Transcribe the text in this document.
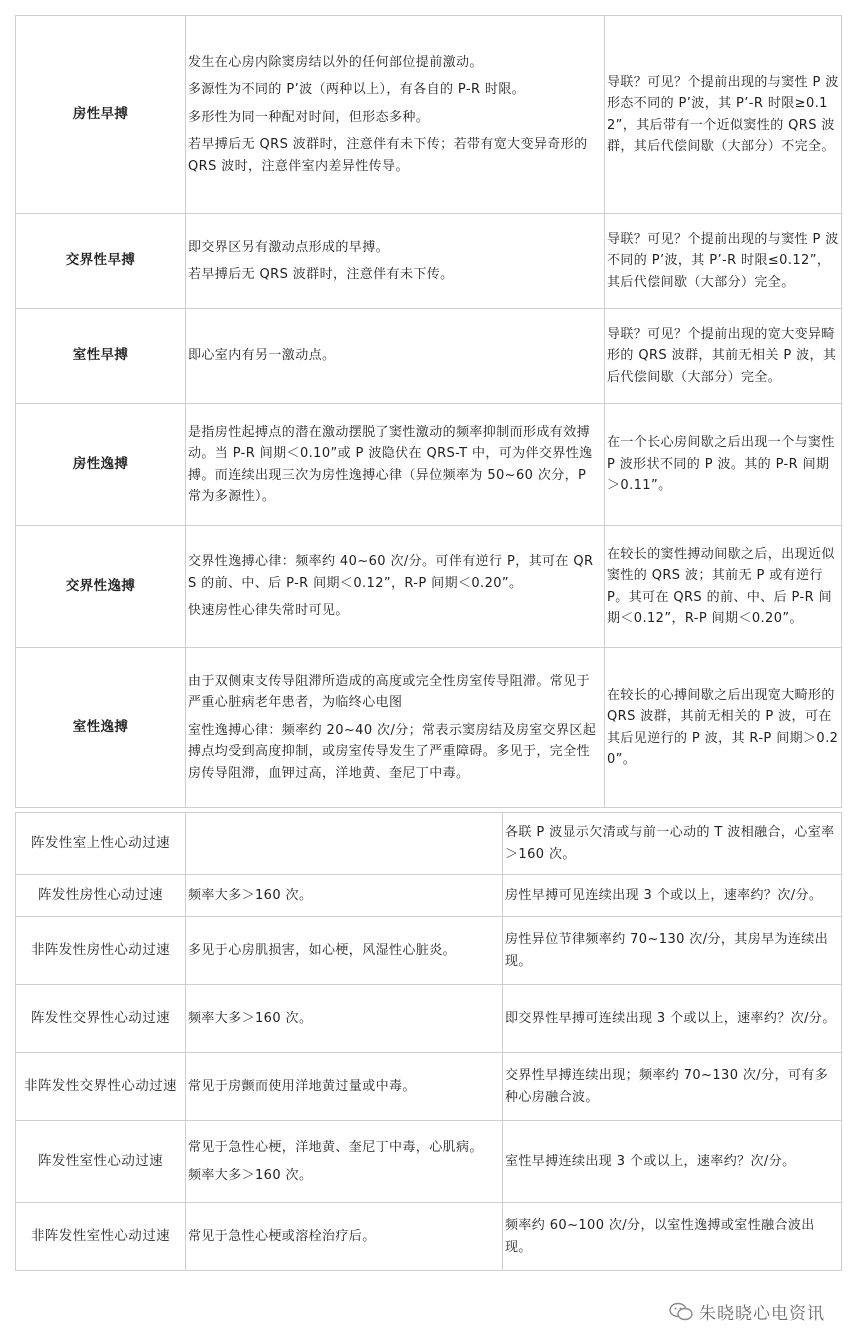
房性早搏	发生在心房内除窦房结以外的任何部位提前激动。

多源性为不同的 P’波（两种以上），有各自的 P-R 时限。

多形性为同一种配对时间，但形态多种。

若早搏后无 QRS 波群时，注意伴有未下传；若带有宽大变异奇形的 QRS 波时，注意伴室内差异性传导。	导联？可见？个提前出现的与窦性 P 波形态不同的 P’波，其 P’-R 时限≥0.12”，其后带有一个近似窦性的 QRS 波群，其后代偿间歇（大部分）不完全。
交界性早搏	即交界区另有激动点形成的早搏。

若早搏后无 QRS 波群时，注意伴有未下传。	导联？可见？个提前出现的与窦性 P 波不同的 P’波，其 P’-R 时限≤0.12”，其后代偿间歇（大部分）完全。
室性早搏	即心室内有另一激动点。	导联？可见？个提前出现的宽大变异畸形的 QRS 波群，其前无相关 P 波，其后代偿间歇（大部分）完全。
房性逸搏	是指房性起搏点的潜在激动摆脱了窦性激动的频率抑制而形成有效搏动。当 P-R 间期＜0.10”或 P 波隐伏在 QRS-T 中，可为伴交界性逸搏。而连续出现三次为房性逸搏心律（异位频率为 50~60 次分，P 常为多源性）。	在一个长心房间歇之后出现一个与窦性 P 波形状不同的 P 波。其的 P-R 间期＞0.11”。
交界性逸搏	交界性逸搏心律：频率约 40~60 次/分。可伴有逆行 P，其可在 QRS 的前、中、后 P-R 间期＜0.12”，R-P 间期＜0.20”。

快速房性心律失常时可见。	在较长的窦性搏动间歇之后，出现近似窦性的 QRS 波；其前无 P 或有逆行 P。其可在 QRS 的前、中、后 P-R 间期＜0.12”，R-P 间期＜0.20”。
室性逸搏	由于双侧束支传导阻滞所造成的高度或完全性房室传导阻滞。常见于严重心脏病老年患者，为临终心电图

室性逸搏心律：频率约 20~40 次/分；常表示窦房结及房室交界区起搏点均受到高度抑制，或房室传导发生了严重障碍。多见于，完全性房传导阻滞，血钾过高，洋地黄、奎尼丁中毒。	在较长的心搏间歇之后出现宽大畸形的 QRS 波群，其前无相关的 P 波，可在其后见逆行的 P 波，其 R-P 间期＞0.20”。
阵发性室上性心动过速		各联 P 波显示欠清或与前一心动的 T 波相融合，心室率＞160 次。
阵发性房性心动过速	频率大多＞160 次。	房性早搏可见连续出现 3 个或以上，速率约？次/分。
非阵发性房性心动过速	多见于心房肌损害，如心梗，风湿性心脏炎。	房性异位节律频率约 70~130 次/分，其房早为连续出现。
阵发性交界性心动过速	频率大多＞160 次。	即交界性早搏可连续出现 3 个或以上，速率约？次/分。
非阵发性交界性心动过速	常见于房颤而使用洋地黄过量或中毒。	交界性早搏连续出现；频率约 70~130 次/分，可有多种心房融合波。
阵发性室性心动过速	常见于急性心梗，洋地黄、奎尼丁中毒，心肌病。

频率大多＞160 次。	室性早搏连续出现 3 个或以上，速率约？次/分。
非阵发性室性心动过速	常见于急性心梗或溶栓治疗后。	频率约 60~100 次/分，以室性逸搏或室性融合波出现。
朱晓晓心电资讯
